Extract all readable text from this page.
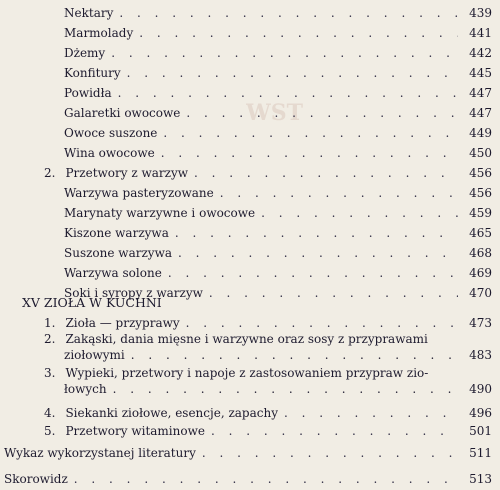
WST
Nektary . . .	439
Marmolady . . .	441
Dżemy . . .	442
Konfitury . . .	445
Powidła . . .	447
Galaretki owocowe . . .	447
Owoce suszone . . .	449
Wina owocowe . . .	450
2. Przetwory z warzyw . . .	456
Warzywa pasteryzowane . . .	456
Marynaty warzywne i owocowe . . .	459
Kiszone warzywa . . .	465
Suszone warzywa . . .	468
Warzywa solone . . .	469
Soki i syropy z warzyw . . .	470
XV ZIOŁA W KUCHNI
1. Zioła — przyprawy . . .	473
2. Zakąski, dania mięsne i warzywne oraz sosy z przyprawami
ziołowymi . . . . . . . . . . . . . . . . . . .	483
3. Wypieki, przetwory i napoje z zastosowaniem przypraw zio-
łowych . . . . . . . . . . . . . . . . . . . .	490
4. Siekanki ziołowe, esencje, zapachy . . .	496
5. Przetwory witaminowe . . .	501
Wykaz wykorzystanej literatury . . .	511
Skorowidz . . .	513
